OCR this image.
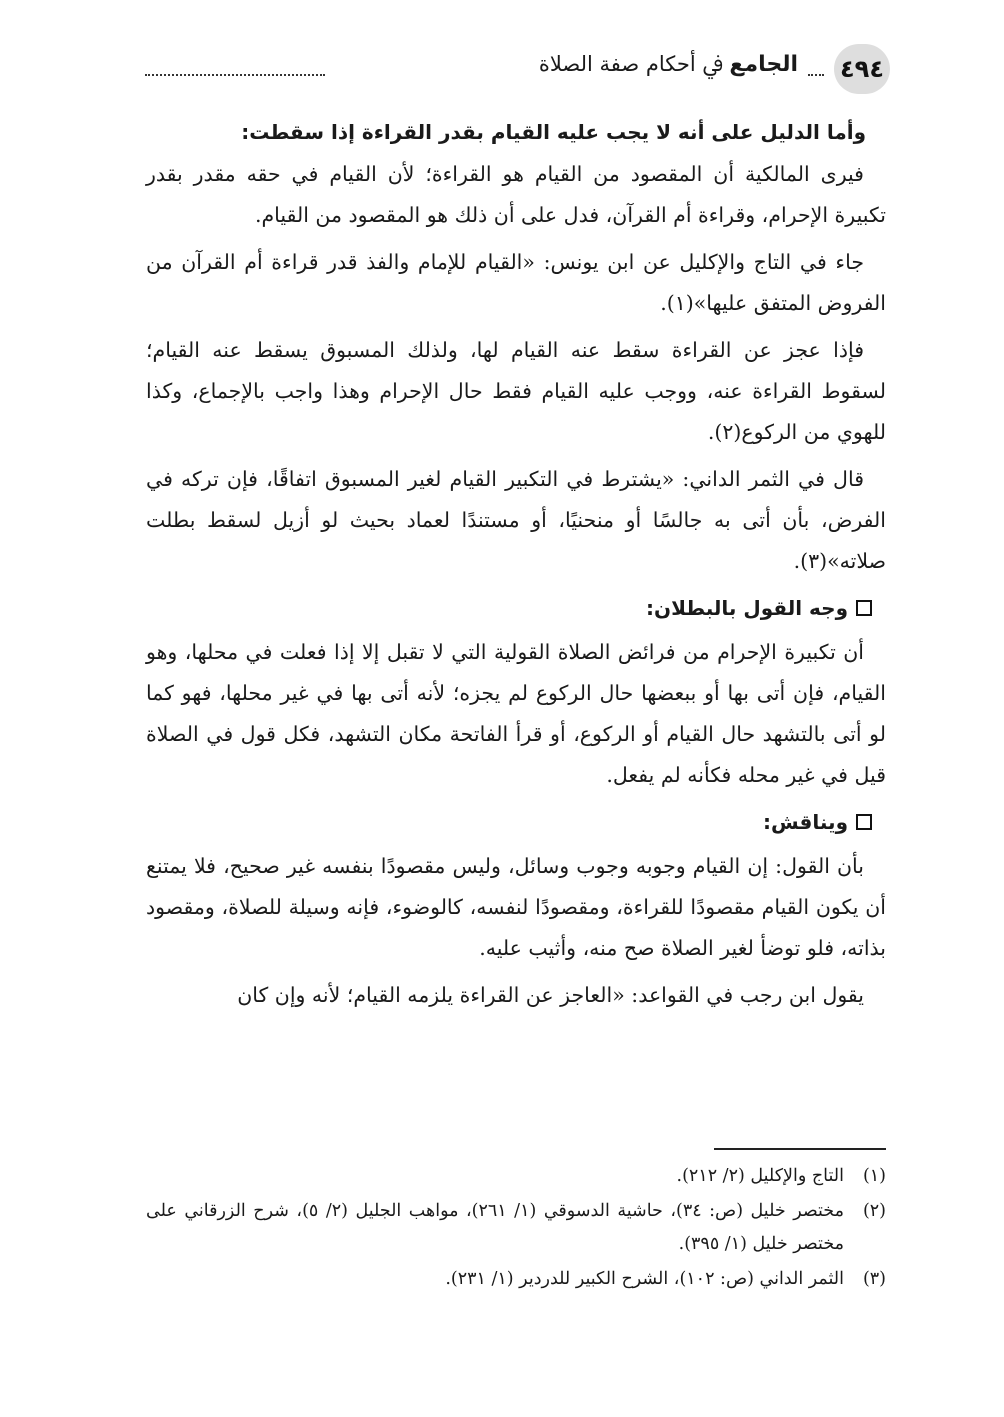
٤٩٤
الجامع ﰲ أحكام صفة الصلاة

وأما الدليل على أنه لا يجب عليه القيام بقدر القراءة إذا سقطت:

فيرى المالكية أن المقصود من القيام هو القراءة؛ لأن القيام في حقه مقدر بقدر تكبيرة الإحرام، وقراءة أم القرآن، فدل على أن ذلك هو المقصود من القيام.

جاء في التاج والإكليل عن ابن يونس: «القيام للإمام والفذ قدر قراءة أم القرآن من الفروض المتفق عليها»(١).

فإذا عجز عن القراءة سقط عنه القيام لها، ولذلك المسبوق يسقط عنه القيام؛ لسقوط القراءة عنه، ووجب عليه القيام فقط حال الإحرام وهذا واجب بالإجماع، وكذا للهوي من الركوع(٢).

قال في الثمر الداني: «يشترط في التكبير القيام لغير المسبوق اتفاقًا، فإن تركه في الفرض، بأن أتى به جالسًا أو منحنيًا، أو مستندًا لعماد بحيث لو أزيل لسقط بطلت صلاته»(٣).

وجه القول بالبطلان:

أن تكبيرة الإحرام من فرائض الصلاة القولية التي لا تقبل إلا إذا فعلت في محلها، وهو القيام، فإن أتى بها أو ببعضها حال الركوع لم يجزه؛ لأنه أتى بها في غير محلها، فهو كما لو أتى بالتشهد حال القيام أو الركوع، أو قرأ الفاتحة مكان التشهد، فكل قول في الصلاة قيل في غير محله فكأنه لم يفعل.

ويناقش:

بأن القول: إن القيام وجوبه وجوب وسائل، وليس مقصودًا بنفسه غير صحيح، فلا يمتنع أن يكون القيام مقصودًا للقراءة، ومقصودًا لنفسه، كالوضوء، فإنه وسيلة للصلاة، ومقصود بذاته، فلو توضأ لغير الصلاة صح منه، وأثيب عليه.

يقول ابن رجب في القواعد: «العاجز عن القراءة يلزمه القيام؛ لأنه وإن كان

(١)
التاج والإكليل (٢/ ٢١٢).
(٢)
مختصر خليل (ص: ٣٤)، حاشية الدسوقي (١/ ٢٦١)، مواهب الجليل (٢/ ٥)، شرح الزرقاني على مختصر خليل (١/ ٣٩٥).
(٣)
الثمر الداني (ص: ١٠٢)، الشرح الكبير للدردير (١/ ٢٣١).
